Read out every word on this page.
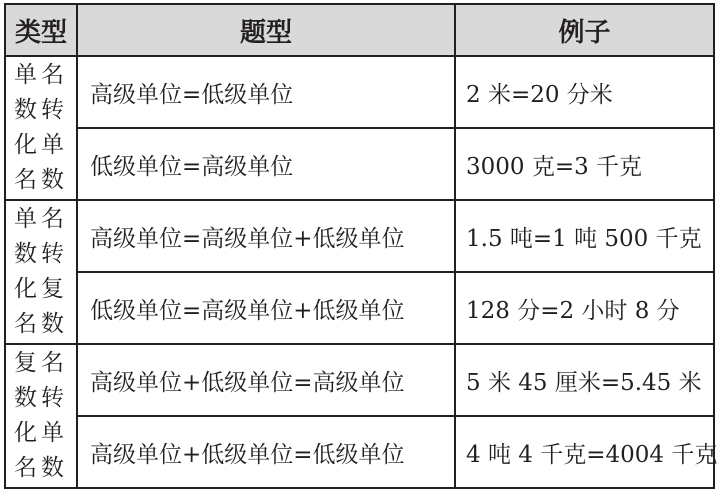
类型	题型	例子
单名数转化单名数	高级单位=低级单位	2 米=20 分米
	低级单位=高级单位	3000 克=3 千克
单名数转化复名数	高级单位=高级单位+低级单位	1.5 吨=1 吨 500 千克
	低级单位=高级单位+低级单位	128 分=2 小时 8 分
复名数转化单名数	高级单位+低级单位=高级单位	5 米 45 厘米=5.45 米
	高级单位+低级单位=低级单位	4 吨 4 千克=4004 千克
